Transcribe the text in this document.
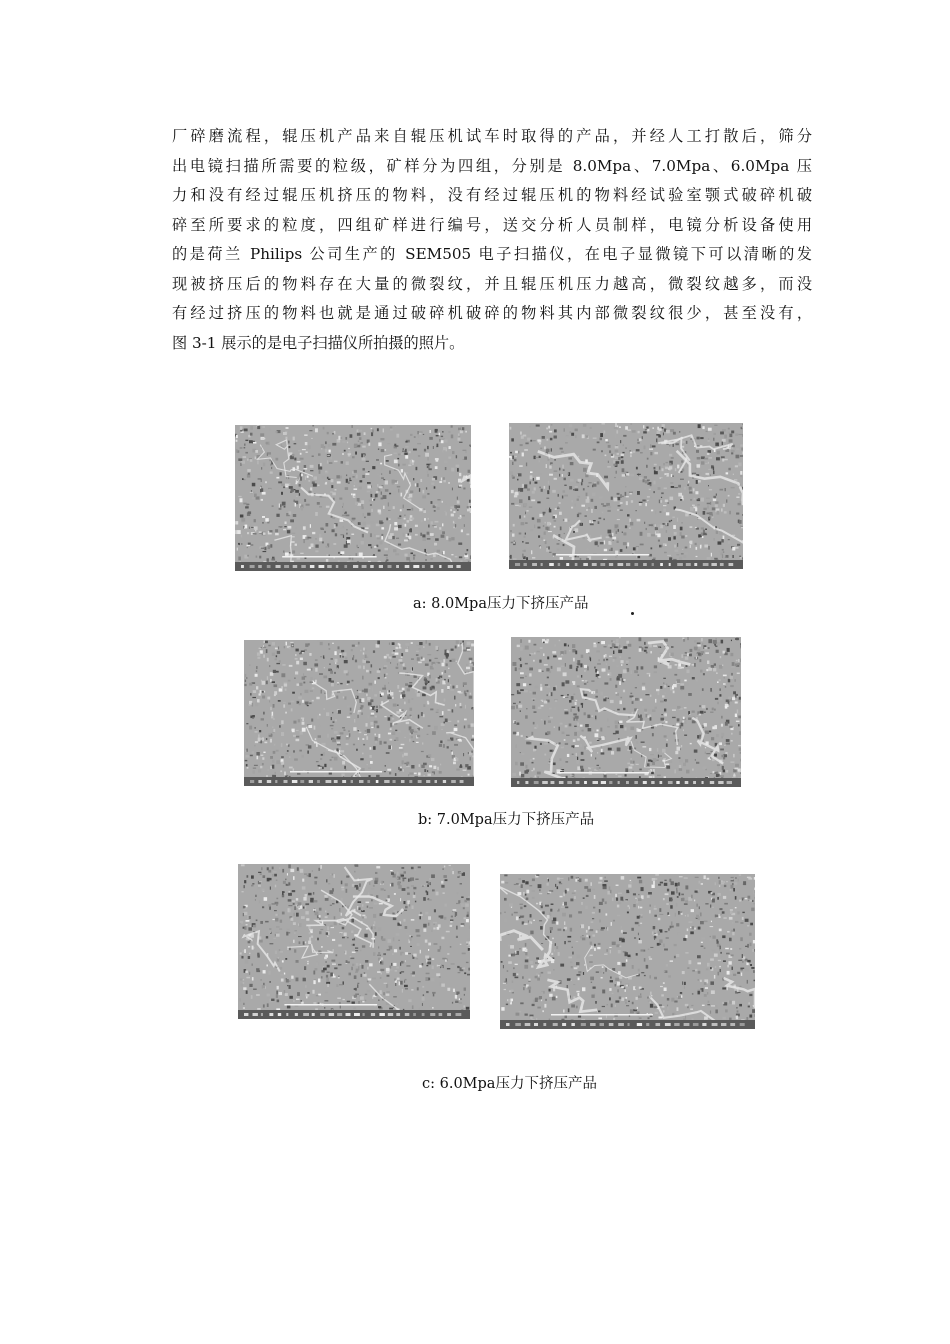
厂碎磨流程，辊压机产品来自辊压机试车时取得的产品，并经人工打散后，筛分
出电镜扫描所需要的粒级，矿样分为四组，分别是 8.0Mpa、7.0Mpa、6.0Mpa 压
力和没有经过辊压机挤压的物料，没有经过辊压机的物料经试验室颚式破碎机破
碎至所要求的粒度，四组矿样进行编号，送交分析人员制样，电镜分析设备使用
的是荷兰 Philips 公司生产的 SEM505 电子扫描仪，在电子显微镜下可以清晰的发
现被挤压后的物料存在大量的微裂纹，并且辊压机压力越高，微裂纹越多，而没
有经过挤压的物料也就是通过破碎机破碎的物料其内部微裂纹很少，甚至没有，
图 3-1 展示的是电子扫描仪所拍摄的照片。
a: 8.0Mpa压力下挤压产品
b: 7.0Mpa压力下挤压产品
c: 6.0Mpa压力下挤压产品
